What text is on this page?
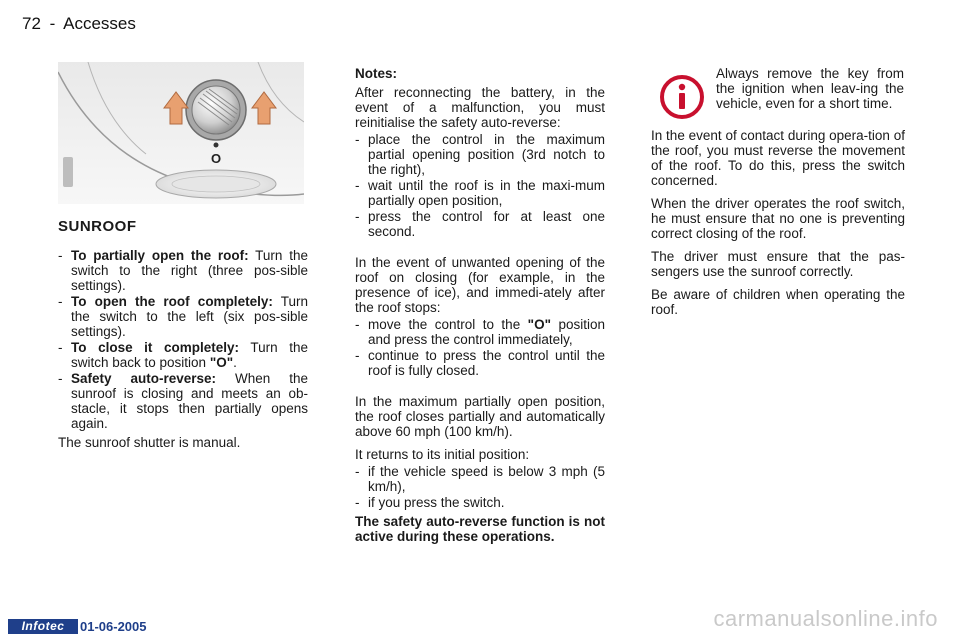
72 - Accesses
O
SUNROOF
- To partially open the roof: Turn the switch to the right (three pos-sible settings).
- To open the roof completely: Turn the switch to the left (six pos-sible settings).
- To close it completely: Turn the switch back to position "O".
- Safety auto-reverse: When the sunroof is closing and meets an ob-stacle, it stops then partially opens again.

The sunroof shutter is manual.

Notes:

After reconnecting the battery, in the event of a malfunction, you must reinitialise the safety auto-reverse:

- place the control in the maximum partial opening position (3rd notch to the right),
- wait until the roof is in the maxi-mum partially open position,
- press the control for at least one second.

In the event of unwanted opening of the roof on closing (for example, in the presence of ice), and immedi-ately after the roof stops:

- move the control to the "O" position and press the control immediately,
- continue to press the control until the roof is fully closed.

In the maximum partially open position, the roof closes partially and automatically above 60 mph (100 km/h).

It returns to its initial position:

- if the vehicle speed is below 3 mph (5 km/h),
- if you press the switch.

The safety auto-reverse function is not active during these operations.

Always remove the key from the ignition when leav-ing the vehicle, even for a short time.

In the event of contact during opera-tion of the roof, you must reverse the movement of the roof. To do this, press the switch concerned.

When the driver operates the roof switch, he must ensure that no one is preventing correct closing of the roof.

The driver must ensure that the pas-sengers use the sunroof correctly.

Be aware of children when operating the roof.

Infotec	01-06-2005	carmanualsonline.info
